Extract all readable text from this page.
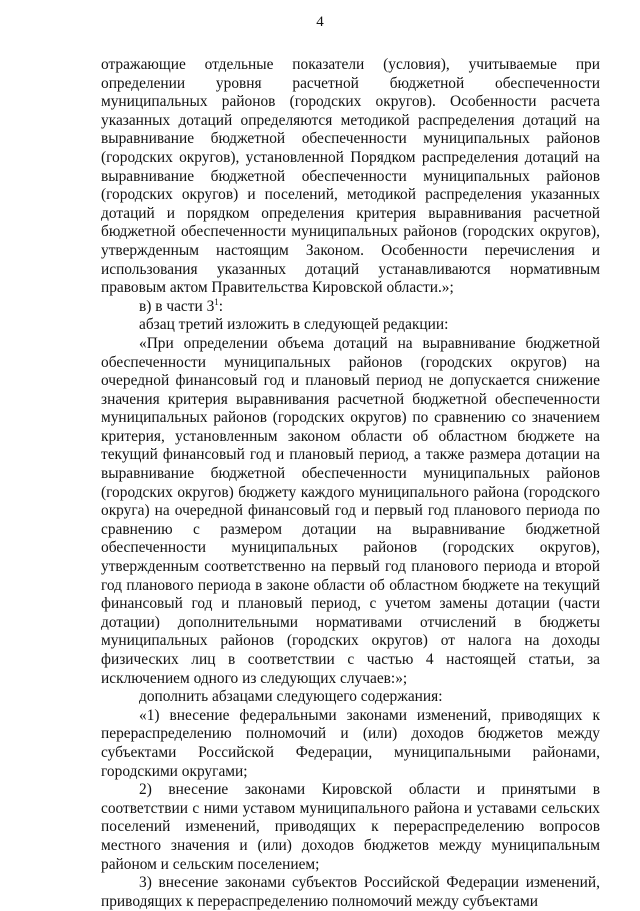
4

отражающие отдельные показатели (условия), учитываемые при определении уровня расчетной бюджетной обеспеченности муниципальных районов (городских округов). Особенности расчета указанных дотаций определяются методикой распределения дотаций на выравнивание бюджетной обеспеченности муниципальных районов (городских округов), установленной Порядком распределения дотаций на выравнивание бюджетной обеспеченности муниципальных районов (городских округов) и поселений, методикой распределения указанных дотаций и порядком определения критерия выравнивания расчетной бюджетной обеспеченности муниципальных районов (городских округов), утвержденным настоящим Законом. Особенности перечисления и использования указанных дотаций устанавливаются нормативным правовым актом Правительства Кировской области.»;

в) в части $3^1$:

абзац третий изложить в следующей редакции:

«При определении объема дотаций на выравнивание бюджетной обеспеченности муниципальных районов (городских округов) на очередной финансовый год и плановый период не допускается снижение значения критерия выравнивания расчетной бюджетной обеспеченности муниципальных районов (городских округов) по сравнению со значением критерия, установленным законом области об областном бюджете на текущий финансовый год и плановый период, а также размера дотации на выравнивание бюджетной обеспеченности муниципальных районов (городских округов) бюджету каждого муниципального района (городского округа) на очередной финансовый год и первый год планового периода по сравнению с размером дотации на выравнивание бюджетной обеспеченности муниципальных районов (городских округов), утвержденным соответственно на первый год планового периода и второй год планового периода в законе области об областном бюджете на текущий финансовый год и плановый период, с учетом замены дотации (части дотации) дополнительными нормативами отчислений в бюджеты муниципальных районов (городских округов) от налога на доходы физических лиц в соответствии с частью 4 настоящей статьи, за исключением одного из следующих случаев:»;

дополнить абзацами следующего содержания:

«1) внесение федеральными законами изменений, приводящих к перераспределению полномочий и (или) доходов бюджетов между субъектами Российской Федерации, муниципальными районами, городскими округами;

2) внесение законами Кировской области и принятыми в соответствии с ними уставом муниципального района и уставами сельских поселений изменений, приводящих к перераспределению вопросов местного значения и (или) доходов бюджетов между муниципальным районом и сельским поселением;

3) внесение законами субъектов Российской Федерации изменений, приводящих к перераспределению полномочий между субъектами
